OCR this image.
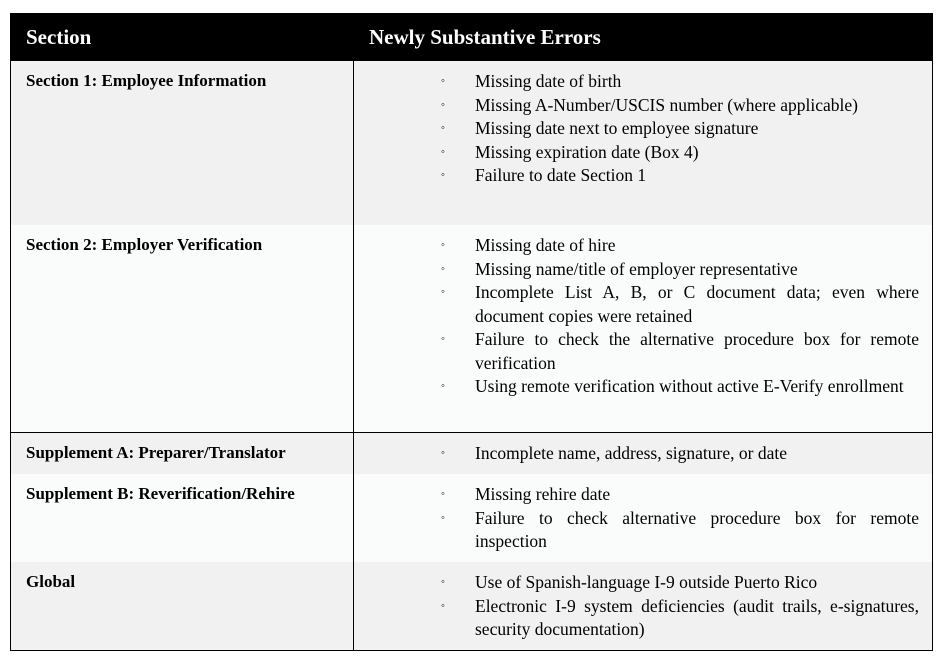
Section	Newly Substantive Errors
Section 1: Employee Information	◦ Missing date of birth
◦ Missing A-Number/USCIS number (where applicable)
◦ Missing date next to employee signature
◦ Missing expiration date (Box 4)
◦ Failure to date Section 1
Section 2: Employer Verification	◦ Missing date of hire
◦ Missing name/title of employer representative
◦ Incomplete List A, B, or C document data; even where document copies were retained
◦ Failure to check the alternative procedure box for remote verification
◦ Using remote verification without active E-Verify enrollment
Supplement A: Preparer/Translator	◦ Incomplete name, address, signature, or date
Supplement B: Reverification/Rehire	◦ Missing rehire date
◦ Failure to check alternative procedure box for remote inspection
Global	◦ Use of Spanish-language I-9 outside Puerto Rico
◦ Electronic I-9 system deficiencies (audit trails, e-signatures, security documentation)
